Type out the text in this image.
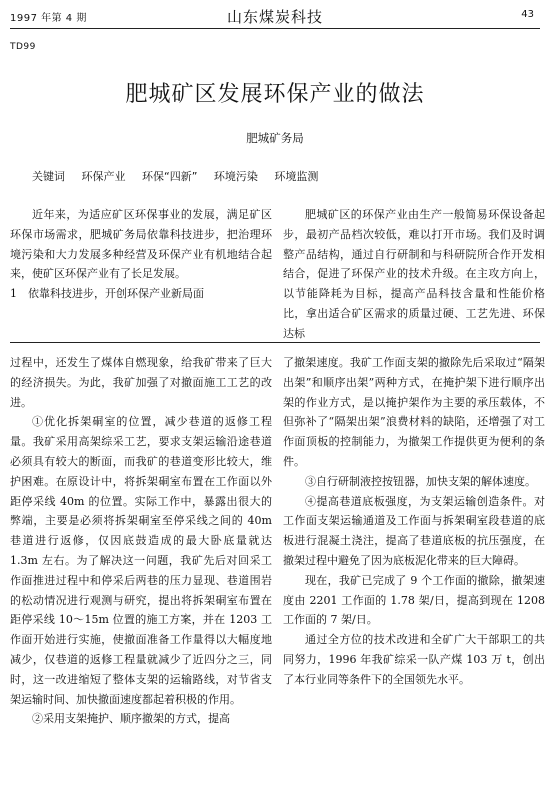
1997 年第 4 期	山东煤炭科技	43
TD99
肥城矿区发展环保产业的做法
肥城矿务局
关键词 环保产业 环保“四新” 环境污染 环境监测

近年来，为适应矿区环保事业的发展，满足矿区环保市场需求，肥城矿务局依靠科技进步，把治理环境污染和大力发展多种经营及环保产业有机地结合起来，使矿区环保产业有了长足发展。

1　依靠科技进步，开创环保产业新局面

肥城矿区的环保产业由生产一般简易环保设备起步，最初产品档次较低，难以打开市场。我们及时调整产品结构，通过自行研制和与科研院所合作开发相结合，促进了环保产业的技术升级。在主攻方向上，以节能降耗为目标，提高产品科技含量和性能价格比，拿出适合矿区需求的质量过硬、工艺先进、环保达标

过程中，还发生了煤体自燃现象，给我矿带来了巨大的经济损失。为此，我矿加强了对撤面施工工艺的改进。

①优化拆架硐室的位置，减少巷道的返修工程量。我矿采用高架综采工艺，要求支架运输沿途巷道必须具有较大的断面，而我矿的巷道变形比较大，维护困难。在原设计中，将拆架硐室布置在工作面以外距停采线 40m 的位置。实际工作中，暴露出很大的弊端，主要是必须将拆架硐室至停采线之间的 40m 巷道进行返修，仅因底鼓造成的最大卧底量就达 1.3m 左右。为了解决这一问题，我矿先后对回采工作面推进过程中和停采后两巷的压力显现、巷道围岩的松动情况进行观测与研究，提出将拆架硐室布置在距停采线 10～15m 位置的施工方案，并在 1203 工作面开始进行实施，使撤面准备工作量得以大幅度地减少，仅巷道的返修工程量就减少了近四分之三，同时，这一改进缩短了整体支架的运输路线，对节省支架运输时间、加快撤面速度都起着积极的作用。

②采用支架掩护、顺序撤架的方式，提高

了撤架速度。我矿工作面支架的撤除先后采取过“隔架出架”和顺序出架”两种方式，在掩护架下进行顺序出架的作业方式，是以掩护架作为主要的承压载体，不但弥补了“隔架出架”浪费材料的缺陷，还增强了对工作面顶板的控制能力，为撤架工作提供更为便利的条件。

③自行研制液控按钮器，加快支架的解体速度。

④提高巷道底板强度，为支架运输创造条件。对工作面支架运输通道及工作面与拆架硐室段巷道的底板进行混凝土浇注，提高了巷道底板的抗压强度，在撤架过程中避免了因为底板泥化带来的巨大障碍。

现在，我矿已完成了 9 个工作面的撤除，撤架速度由 2201 工作面的 1.78 架/日，提高到现在 1208 工作面的 7 架/日。

通过全方位的技术改进和全矿广大干部职工的共同努力，1996 年我矿综采一队产煤 103 万 t，创出了本行业同等条件下的全国领先水平。
